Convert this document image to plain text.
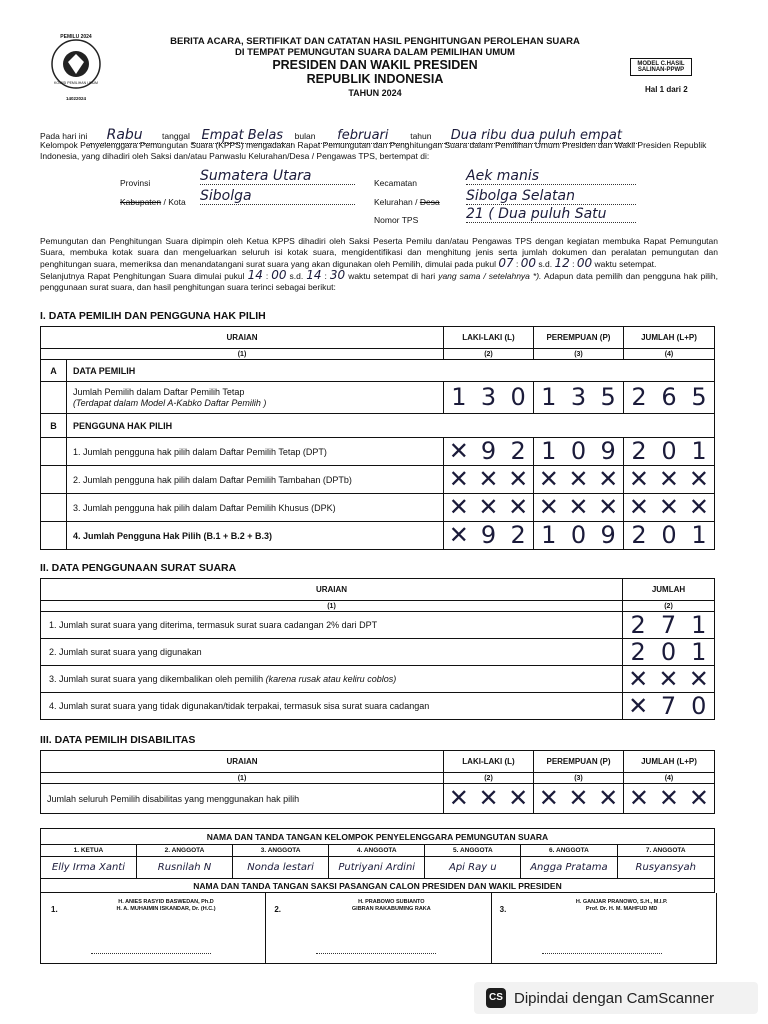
PEMILU 2024
KOMISI PEMILIHAN UMUM
14022024
BERITA ACARA, SERTIFIKAT DAN CATATAN HASIL PENGHITUNGAN PEROLEHAN SUARA
DI TEMPAT PEMUNGUTAN SUARA DALAM PEMILIHAN UMUM
PRESIDEN DAN WAKIL PRESIDEN
REPUBLIK INDONESIA
TAHUN 2024
MODEL C.HASIL SALINAN-PPWP
Hal 1 dari 2
Pada hari ini Rabu tanggal Empat Belas bulan februari	tahun Dua ribu dua puluh empat
Kelompok Penyelenggara Pemungutan Suara (KPPS) mengadakan Rapat Pemungutan dan Penghitungan Suara dalam Pemilihan Umum Presiden dan Wakil Presiden Republik Indonesia, yang dihadiri oleh Saksi dan/atau Panwaslu Kelurahan/Desa / Pengawas TPS, bertempat di:
Provinsi	Sumatera Utara
Kabupaten / Kota Sibolga
Kecamatan	Aek manis
Kelurahan / Desa Sibolga Selatan
Nomor TPS	21 ( Dua puluh Satu
Pemungutan dan Penghitungan Suara dipimpin oleh Ketua KPPS dihadiri oleh Saksi Peserta Pemilu dan/atau Pengawas TPS dengan kegiatan membuka Rapat Pemungutan Suara, membuka kotak suara dan mengeluarkan seluruh isi kotak suara, mengidentifikasi dan menghitung jenis serta jumlah dokumen dan peralatan pemungutan dan penghitungan suara, memeriksa dan menandatangani surat suara yang akan digunakan oleh Pemilih, dimulai pada pukul 07 : 00 s.d. 12 : 00 waktu setempat.
Selanjutnya Rapat Penghitungan Suara dimulai pukul 14 : 00 s.d. 14 : 30 waktu setempat di hari yang sama / setelahnya *). Adapun data pemilih dan pengguna hak pilih, penggunaan surat suara, dan hasil penghitungan suara terinci sebagai berikut:
I. DATA PEMILIH DAN PENGGUNA HAK PILIH
URAIAN		LAKI-LAKI (L)	PEREMPUAN (P)	JUMLAH (L+P)
(1)		(2)	(3)	(4)
A	DATA PEMILIH			

	Jumlah Pemilih dalam Daftar Pemilih Tetap
(Terdapat dalam Model A-Kabko Daftar Pemilih )	1 3 0	1 3 5	2 6 5

B	PENGGUNA HAK PILIH			
	1. Jumlah pengguna hak pilih dalam Daftar Pemilih Tetap (DPT)	✕ 9 2	1 0 9	2 0 1

	2. Jumlah pengguna hak pilih dalam Daftar Pemilih Tambahan (DPTb)	✕ ✕ ✕	✕ ✕ ✕	✕ ✕ ✕

	3. Jumlah pengguna hak pilih dalam Daftar Pemilih Khusus (DPK)	✕ ✕ ✕	✕ ✕ ✕	✕ ✕ ✕

	4. Jumlah Pengguna Hak Pilih (B.1 + B.2 + B.3)	✕ 9 2	1 0 9	2 0 1
II. DATA PENGGUNAAN SURAT SUARA
URAIAN	JUMLAH
(1)	(2)
1. Jumlah surat suara yang diterima, termasuk surat suara cadangan 2% dari DPT	2 7 1

2. Jumlah surat suara yang digunakan	2 0 1

3. Jumlah surat suara yang dikembalikan oleh pemilih (karena rusak atau keliru coblos)	✕ ✕ ✕

4. Jumlah surat suara yang tidak digunakan/tidak terpakai, termasuk sisa surat suara cadangan	✕ 7 0
III. DATA PEMILIH DISABILITAS
URAIAN	LAKI-LAKI (L)	PEREMPUAN (P)	JUMLAH (L+P)
(1)	(2)	(3)	(4)
Jumlah seluruh Pemilih disabilitas yang menggunakan hak pilih	✕ ✕ ✕	✕ ✕ ✕	✕ ✕ ✕
NAMA DAN TANDA TANGAN KELOMPOK PENYELENGGARA PEMUNGUTAN SUARA						
1. KETUA	2. ANGGOTA	3. ANGGOTA	4. ANGGOTA	5. ANGGOTA	6. ANGGOTA	7. ANGGOTA
Elly Irma Xanti	Rusnilah N	Nonda lestari	Putriyani Ardini	Api Ray u	Angga Pratama	Rusyansyah
NAMA DAN TANDA TANGAN SAKSI PASANGAN CALON PRESIDEN DAN WAKIL PRESIDEN						
1.
H. ANIES RASYID BASWEDAN, Ph.D
H. A. MUHAIMIN ISKANDAR, Dr. (H.C.)	2.
H. PRABOWO SUBIANTO
GIBRAN RAKABUMING RAKA	3.
H. GANJAR PRANOWO, S.H., M.I.P.
Prof. Dr. H. M. MAHFUD MD
CS Dipindai dengan CamScanner
